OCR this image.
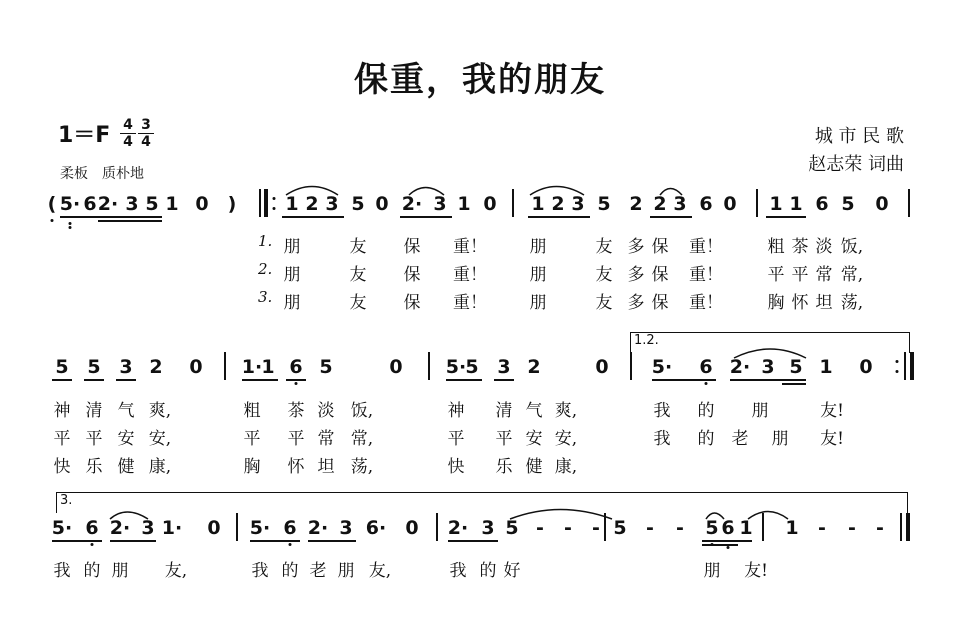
保重，我的朋友
1＝F 4
4
3
4
柔板　质朴地
城 市 民 歌
赵志荣 词曲
( 5· 6 2· 3 5 1 0 )	1 2 3 5 0 2· 3 1 0 1 2 3 5 2 2 3 6 0 1 1 6 5 0
5 5 3 2 0 1· 1 6 5	0 5· 5 3 2	0 5· 6 2· 3 5 1 0
5· 6 2· 3 1· 0 5· 6 2· 3 6· 0 2· 3 5 - - - 5 - - 5 6 1 1 - - -
1. 朋	友 保 重！	朋	友 多 保 重！	粗 茶 淡 饭,
2. 朋	友 保 重！	朋	友 多 保 重！	平 平 常 常,
3. 朋	友 保 重！	朋	友 多 保 重！	胸 怀 坦 荡,
神 清 气 爽,	粗 茶 淡 饭,	神 清 气 爽,	我 的 朋	友!
平 平 安 安,	平 平 常 常,	平 平 安 安,	我 的 老 朋 友!
快 乐 健 康,	胸 怀 坦 荡,	快 乐 健 康,
我 的 朋 友,	我 的 老 朋 友,	我 的 好	朋 友!
1.2.
3.
